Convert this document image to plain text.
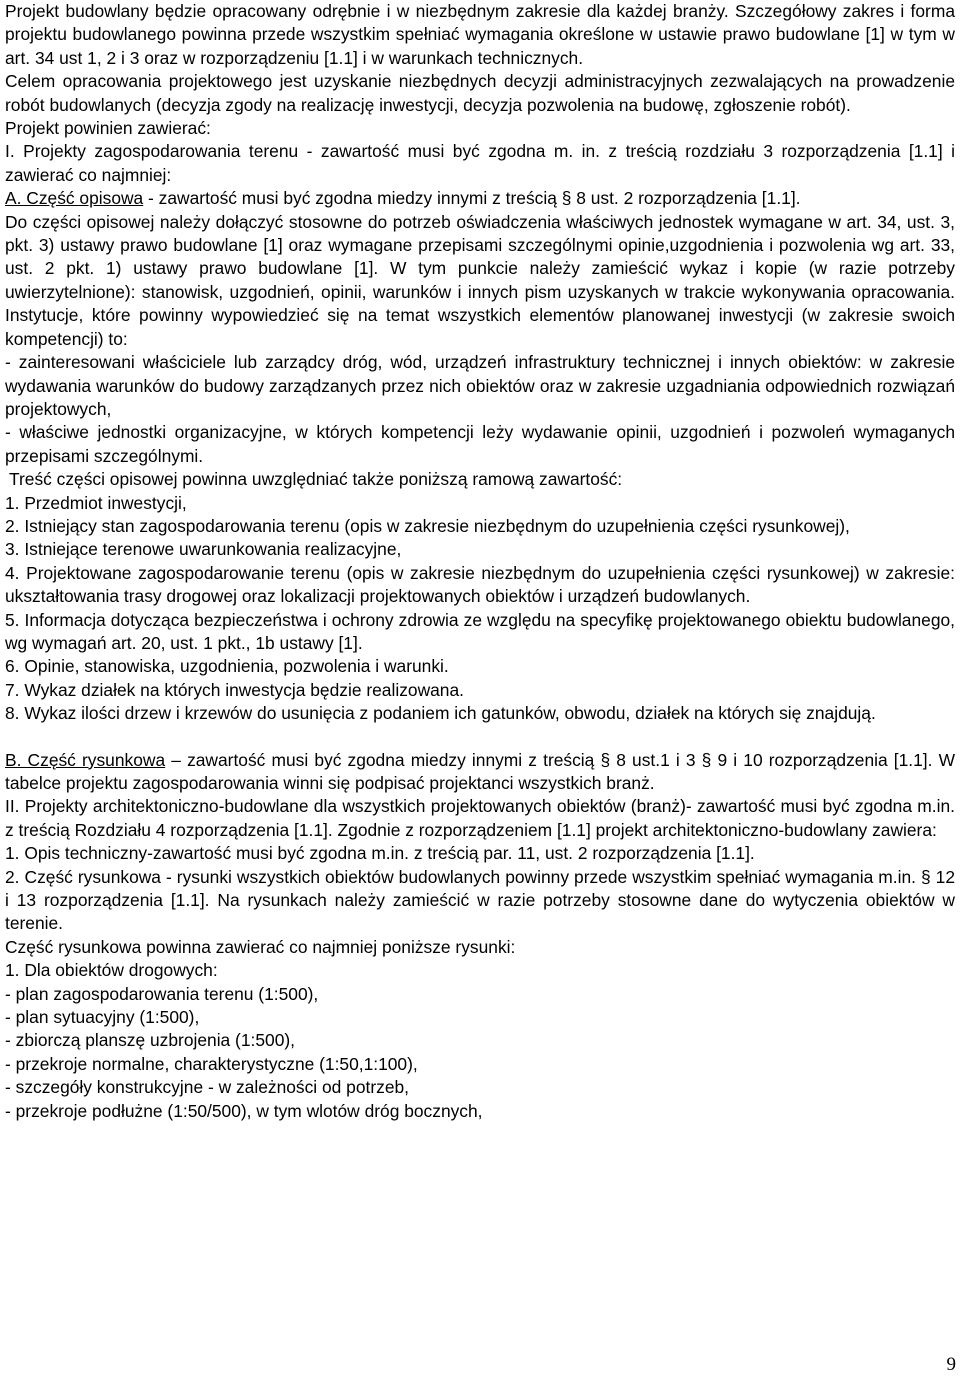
Projekt budowlany będzie opracowany odrębnie i w niezbędnym zakresie dla każdej branży. Szczegółowy zakres i forma projektu budowlanego powinna przede wszystkim spełniać wymagania określone w ustawie prawo budowlane [1] w tym w art. 34 ust 1, 2 i 3 oraz w rozporządzeniu [1.1] i w warunkach technicznych.

Celem opracowania projektowego jest uzyskanie niezbędnych decyzji administracyjnych zezwalających na prowadzenie robót budowlanych (decyzja zgody na realizację inwestycji, decyzja pozwolenia na budowę, zgłoszenie robót).

Projekt powinien zawierać:

I. Projekty zagospodarowania terenu - zawartość musi być zgodna m. in. z treścią rozdziału 3 rozporządzenia [1.1] i zawierać co najmniej:

A. Część opisowa - zawartość musi być zgodna miedzy innymi z treścią § 8 ust. 2 rozporządzenia [1.1].

Do części opisowej należy dołączyć stosowne do potrzeb oświadczenia właściwych jednostek wymagane w art. 34, ust. 3, pkt. 3) ustawy prawo budowlane [1] oraz wymagane przepisami szczególnymi opinie,uzgodnienia i pozwolenia wg art. 33, ust. 2 pkt. 1) ustawy prawo budowlane [1]. W tym punkcie należy zamieścić wykaz i kopie (w razie potrzeby uwierzytelnione): stanowisk, uzgodnień, opinii, warunków i innych pism uzyskanych w trakcie wykonywania opracowania. Instytucje, które powinny wypowiedzieć się na temat wszystkich elementów planowanej inwestycji (w zakresie swoich kompetencji) to:

- zainteresowani właściciele lub zarządcy dróg, wód, urządzeń infrastruktury technicznej i innych obiektów: w zakresie wydawania warunków do budowy zarządzanych przez nich obiektów oraz w zakresie uzgadniania odpowiednich rozwiązań projektowych,

- właściwe jednostki organizacyjne, w których kompetencji leży wydawanie opinii, uzgodnień i pozwoleń wymaganych przepisami szczególnymi.

Treść części opisowej powinna uwzględniać także poniższą ramową zawartość:

1. Przedmiot inwestycji,

2. Istniejący stan zagospodarowania terenu (opis w zakresie niezbędnym do uzupełnienia części rysunkowej),

3. Istniejące terenowe uwarunkowania realizacyjne,

4. Projektowane zagospodarowanie terenu (opis w zakresie niezbędnym do uzupełnienia części rysunkowej) w zakresie: ukształtowania trasy drogowej oraz lokalizacji projektowanych obiektów i urządzeń budowlanych.

5. Informacja dotycząca bezpieczeństwa i ochrony zdrowia ze względu na specyfikę projektowanego obiektu budowlanego, wg wymagań art. 20, ust. 1 pkt., 1b ustawy [1].

6. Opinie, stanowiska, uzgodnienia, pozwolenia i warunki.

7. Wykaz działek na których inwestycja będzie realizowana.

8. Wykaz ilości drzew i krzewów do usunięcia z podaniem ich gatunków, obwodu, działek na których się znajdują.

B. Część rysunkowa – zawartość musi być zgodna miedzy innymi z treścią § 8 ust.1 i 3 § 9 i 10 rozporządzenia [1.1]. W tabelce projektu zagospodarowania winni się podpisać projektanci wszystkich branż.

II. Projekty architektoniczno-budowlane dla wszystkich projektowanych obiektów (branż)- zawartość musi być zgodna m.in. z treścią Rozdziału 4 rozporządzenia [1.1]. Zgodnie z rozporządzeniem [1.1] projekt architektoniczno-budowlany zawiera:

1. Opis techniczny-zawartość musi być zgodna m.in. z treścią par. 11, ust. 2 rozporządzenia [1.1].

2. Część rysunkowa - rysunki wszystkich obiektów budowlanych powinny przede wszystkim spełniać wymagania m.in. § 12 i 13 rozporządzenia [1.1]. Na rysunkach należy zamieścić w razie potrzeby stosowne dane do wytyczenia obiektów w terenie.

Część rysunkowa powinna zawierać co najmniej poniższe rysunki:

1. Dla obiektów drogowych:

- plan zagospodarowania terenu (1:500),

- plan sytuacyjny (1:500),

- zbiorczą planszę uzbrojenia (1:500),

- przekroje normalne, charakterystyczne (1:50,1:100),

- szczegóły konstrukcyjne - w zależności od potrzeb,

- przekroje podłużne (1:50/500), w tym wlotów dróg bocznych,

9
